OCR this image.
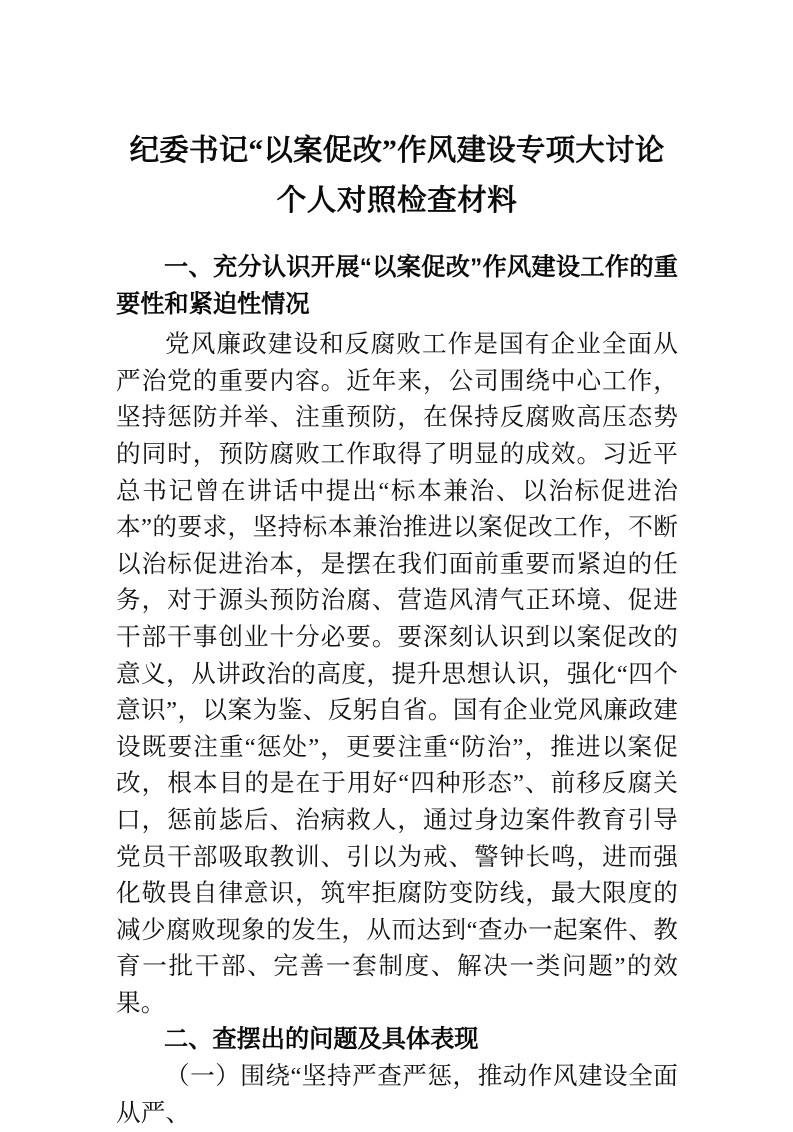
纪委书记“以案促改”作风建设专项大讨论
个人对照检查材料
一、充分认识开展“以案促改”作风建设工作的重要性和紧迫性情况

党风廉政建设和反腐败工作是国有企业全面从严治党的重要内容。近年来，公司围绕中心工作，坚持惩防并举、注重预防，在保持反腐败高压态势的同时，预防腐败工作取得了明显的成效。习近平总书记曾在讲话中提出“标本兼治、以治标促进治本”的要求，坚持标本兼治推进以案促改工作，不断以治标促进治本，是摆在我们面前重要而紧迫的任务，对于源头预防治腐、营造风清气正环境、促进干部干事创业十分必要。要深刻认识到以案促改的意义，从讲政治的高度，提升思想认识，强化“四个意识”，以案为鉴、反躬自省。国有企业党风廉政建设既要注重“惩处”，更要注重“防治”，推进以案促改，根本目的是在于用好“四种形态”、前移反腐关口，惩前毖后、治病救人，通过身边案件教育引导党员干部吸取教训、引以为戒、警钟长鸣，进而强化敬畏自律意识，筑牢拒腐防变防线，最大限度的减少腐败现象的发生，从而达到“查办一起案件、教育一批干部、完善一套制度、解决一类问题”的效果。

二、查摆出的问题及具体表现

（一）围绕“坚持严查严惩，推动作风建设全面从严、
